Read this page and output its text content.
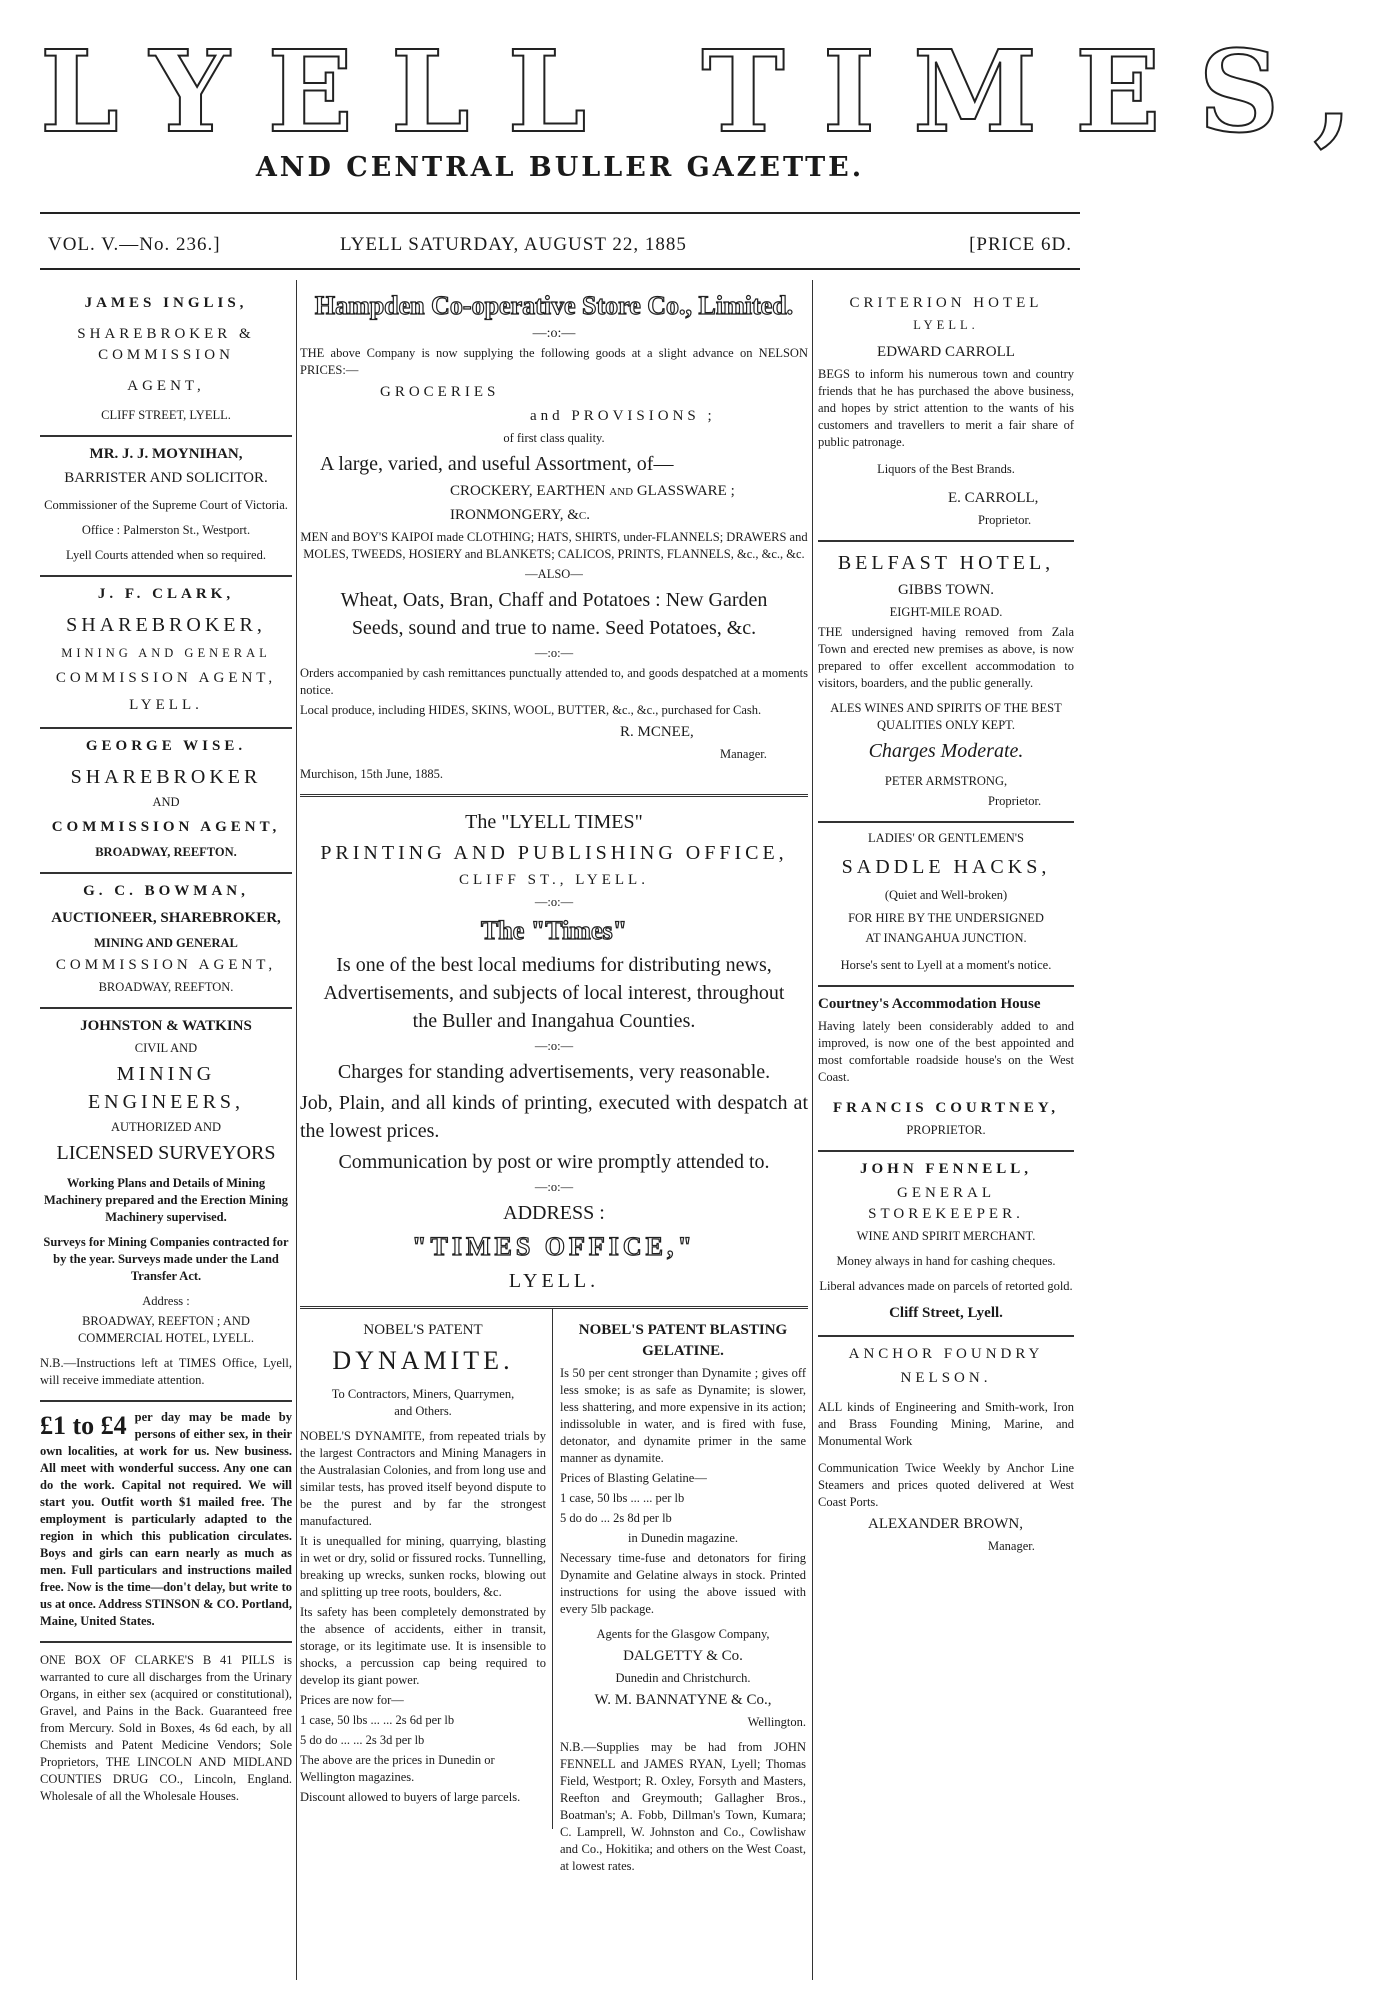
LYELL TIMES,
AND CENTRAL BULLER GAZETTE.
VOL. V.—No. 236.]	LYELL SATURDAY, AUGUST 22, 1885	[PRICE 6D.

JAMES INGLIS,

SHAREBROKER & COMMISSION

AGENT,

CLIFF STREET, LYELL.

MR. J. J. MOYNIHAN,

BARRISTER AND SOLICITOR.

Commissioner of the Supreme Court of Victoria.

Office : Palmerston St., Westport.

Lyell Courts attended when so required.

J. F. CLARK,

SHAREBROKER,

MINING AND GENERAL

COMMISSION AGENT,

LYELL.

GEORGE WISE.

SHAREBROKER

AND

COMMISSION AGENT,

BROADWAY, REEFTON.

G. C. BOWMAN,

AUCTIONEER, SHAREBROKER,

MINING AND GENERAL

COMMISSION AGENT,

BROADWAY, REEFTON.

JOHNSTON & WATKINS

CIVIL AND

MINING ENGINEERS,

AUTHORIZED AND

LICENSED SURVEYORS

Working Plans and Details of Mining Machinery prepared and the Erection Mining Machinery supervised.

Surveys for Mining Companies contracted for by the year. Surveys made under the Land Transfer Act.

Address :

BROADWAY, REEFTON ; AND COMMERCIAL HOTEL, LYELL.

N.B.—Instructions left at TIMES Office, Lyell, will receive immediate attention.

£1 to £4 per day may be made by persons of either sex, in their own localities, at work for us. New business. All meet with wonderful success. Any one can do the work. Capital not required. We will start you. Outfit worth $1 mailed free. The employment is particularly adapted to the region in which this publication circulates. Boys and girls can earn nearly as much as men. Full particulars and instructions mailed free. Now is the time—don't delay, but write to us at once. Address STINSON & CO. Portland, Maine, United States.

ONE BOX OF CLARKE'S B 41 PILLS is warranted to cure all discharges from the Urinary Organs, in either sex (acquired or constitutional), Gravel, and Pains in the Back. Guaranteed free from Mercury. Sold in Boxes, 4s 6d each, by all Chemists and Patent Medicine Vendors; Sole Proprietors, THE LINCOLN AND MIDLAND COUNTIES DRUG CO., Lincoln, England. Wholesale of all the Wholesale Houses.

Hampden Co-operative Store Co., Limited.

—:o:—

THE above Company is now supplying the following goods at a slight advance on NELSON PRICES:—

GROCERIES

and PROVISIONS ;

of first class quality.

A large, varied, and useful Assortment, of—

CROCKERY, EARTHEN and GLASSWARE ;

IRONMONGERY, &c.

MEN and BOY'S KAIPOI made CLOTHING; HATS, SHIRTS, under-FLANNELS; DRAWERS and MOLES, TWEEDS, HOSIERY and BLANKETS; CALICOS, PRINTS, FLANNELS, &c., &c., &c.

—ALSO—

Wheat, Oats, Bran, Chaff and Potatoes : New Garden Seeds, sound and true to name. Seed Potatoes, &c.

—:o:—

Orders accompanied by cash remittances punctually attended to, and goods despatched at a moments notice.

Local produce, including HIDES, SKINS, WOOL, BUTTER, &c., &c., purchased for Cash.

R. MCNEE,

Manager.

Murchison, 15th June, 1885.

The "LYELL TIMES"

PRINTING AND PUBLISHING OFFICE,

CLIFF ST., LYELL.

—:o:—

The "Times"

Is one of the best local mediums for distributing news, Advertisements, and subjects of local interest, throughout the Buller and Inangahua Counties.

—:o:—

Charges for standing advertisements, very reasonable.

Job, Plain, and all kinds of printing, executed with despatch at the lowest prices.

Communication by post or wire promptly attended to.

—:o:—

ADDRESS :

"TIMES OFFICE,"

LYELL.

NOBEL'S PATENT

DYNAMITE.

To Contractors, Miners, Quarrymen, and Others.

NOBEL'S DYNAMITE, from repeated trials by the largest Contractors and Mining Managers in the Australasian Colonies, and from long use and similar tests, has proved itself beyond dispute to be the purest and by far the strongest manufactured.

It is unequalled for mining, quarrying, blasting in wet or dry, solid or fissured rocks. Tunnelling, breaking up wrecks, sunken rocks, blowing out and splitting up tree roots, boulders, &c.

Its safety has been completely demonstrated by the absence of accidents, either in transit, storage, or its legitimate use. It is insensible to shocks, a percussion cap being required to develop its giant power.

Prices are now for—

1 case, 50 lbs ... ... 2s 6d per lb

5 do do ... ... 2s 3d per lb

The above are the prices in Dunedin or Wellington magazines.

Discount allowed to buyers of large parcels.

NOBEL'S PATENT BLASTING GELATINE.

Is 50 per cent stronger than Dynamite ; gives off less smoke; is as safe as Dynamite; is slower, less shattering, and more expensive in its action; indissoluble in water, and is fired with fuse, detonator, and dynamite primer in the same manner as dynamite.

Prices of Blasting Gelatine—

1 case, 50 lbs ... ... per lb

5 do do ... 2s 8d per lb

in Dunedin magazine.

Necessary time-fuse and detonators for firing Dynamite and Gelatine always in stock. Printed instructions for using the above issued with every 5lb package.

Agents for the Glasgow Company,

DALGETTY & Co.

Dunedin and Christchurch.

W. M. BANNATYNE & Co.,

Wellington.

N.B.—Supplies may be had from JOHN FENNELL and JAMES RYAN, Lyell; Thomas Field, Westport; R. Oxley, Forsyth and Masters, Reefton and Greymouth; Gallagher Bros., Boatman's; A. Fobb, Dillman's Town, Kumara; C. Lamprell, W. Johnston and Co., Cowlishaw and Co., Hokitika; and others on the West Coast, at lowest rates.

CRITERION HOTEL

LYELL.

EDWARD CARROLL

BEGS to inform his numerous town and country friends that he has purchased the above business, and hopes by strict attention to the wants of his customers and travellers to merit a fair share of public patronage.

Liquors of the Best Brands.

E. CARROLL,

Proprietor.

BELFAST HOTEL,

GIBBS TOWN.

EIGHT-MILE ROAD.

THE undersigned having removed from Zala Town and erected new premises as above, is now prepared to offer excellent accommodation to visitors, boarders, and the public generally.

ALES WINES AND SPIRITS OF THE BEST QUALITIES ONLY KEPT.

Charges Moderate.

PETER ARMSTRONG,

Proprietor.

LADIES' OR GENTLEMEN'S

SADDLE HACKS,

(Quiet and Well-broken)

FOR HIRE BY THE UNDERSIGNED

AT INANGAHUA JUNCTION.

Horse's sent to Lyell at a moment's notice.

Courtney's Accommodation House

Having lately been considerably added to and improved, is now one of the best appointed and most comfortable roadside house's on the West Coast.

FRANCIS COURTNEY,

PROPRIETOR.

JOHN FENNELL,

GENERAL STOREKEEPER.

WINE AND SPIRIT MERCHANT.

Money always in hand for cashing cheques.

Liberal advances made on parcels of retorted gold.

Cliff Street, Lyell.

ANCHOR FOUNDRY

NELSON.

ALL kinds of Engineering and Smith-work, Iron and Brass Founding Mining, Marine, and Monumental Work

Communication Twice Weekly by Anchor Line Steamers and prices quoted delivered at West Coast Ports.

ALEXANDER BROWN,

Manager.
